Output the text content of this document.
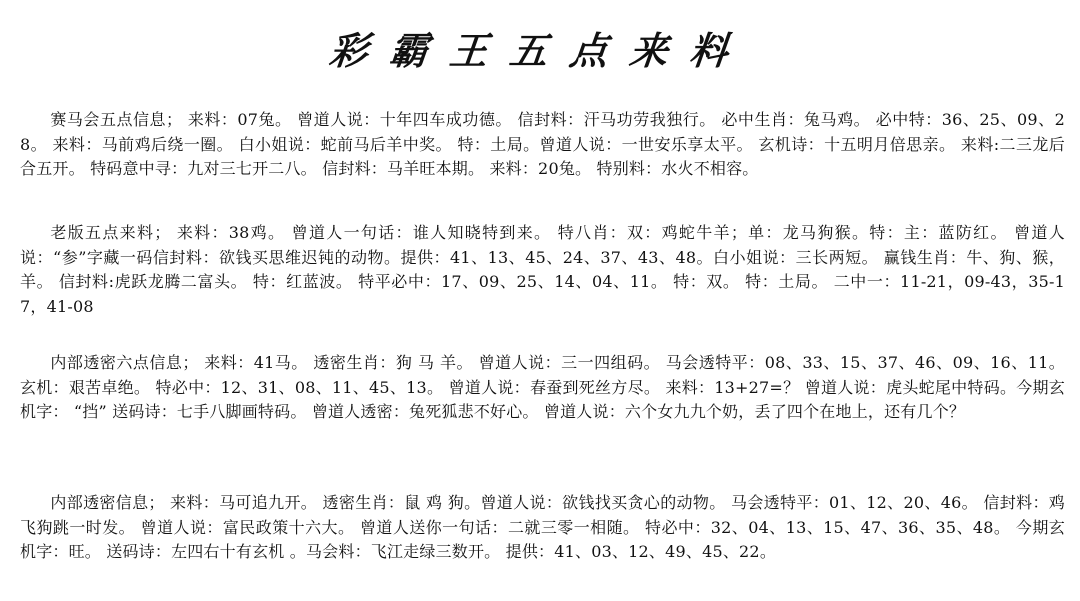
彩霸王五点来料
赛马会五点信息； 来料：07兔。 曾道人说：十年四车成功德。 信封料：汗马功劳我独行。 必中生肖：兔马鸡。 必中特：36、25、09、28。 来料：马前鸡后绕一圈。 白小姐说：蛇前马后羊中奖。 特：土局。曾道人说：一世安乐享太平。 玄机诗：十五明月倍思亲。 来料:二三龙后合五开。 特码意中寻：九对三七开二八。 信封料：马羊旺本期。 来料：20兔。 特别料：水火不相容。
老版五点来料； 来料：38鸡。 曾道人一句话：谁人知晓特到来。 特八肖：双：鸡蛇牛羊；单：龙马狗猴。特：主：蓝防红。 曾道人说：“参”字藏一码信封料：欲钱买思维迟钝的动物。提供：41、13、45、24、37、43、48。白小姐说：三长两短。 赢钱生肖：牛、狗、猴，羊。 信封料:虎跃龙腾二富头。 特：红蓝波。 特平必中：17、09、25、14、04、11。 特：双。 特：土局。 二中一：11-21，09-43，35-17，41-08
内部透密六点信息； 来料：41马。 透密生肖：狗 马 羊。 曾道人说：三一四组码。 马会透特平：08、33、15、37、46、09、16、11。 玄机：艰苦卓绝。 特必中：12、31、08、11、45、13。 曾道人说：春蚕到死丝方尽。 来料：13+27=？ 曾道人说：虎头蛇尾中特码。今期玄机字： “挡” 送码诗：七手八脚画特码。 曾道人透密：兔死狐悲不好心。 曾道人说：六个女九九个奶，丢了四个在地上，还有几个？
内部透密信息； 来料：马可追九开。 透密生肖：鼠 鸡 狗。曾道人说：欲钱找买贪心的动物。 马会透特平：01、12、20、46。 信封料：鸡飞狗跳一时发。 曾道人说：富民政策十六大。 曾道人送你一句话：二就三零一相随。 特必中：32、04、13、15、47、36、35、48。 今期玄机字：旺。 送码诗：左四右十有玄机 。马会料：飞江走绿三数开。 提供：41、03、12、49、45、22。
